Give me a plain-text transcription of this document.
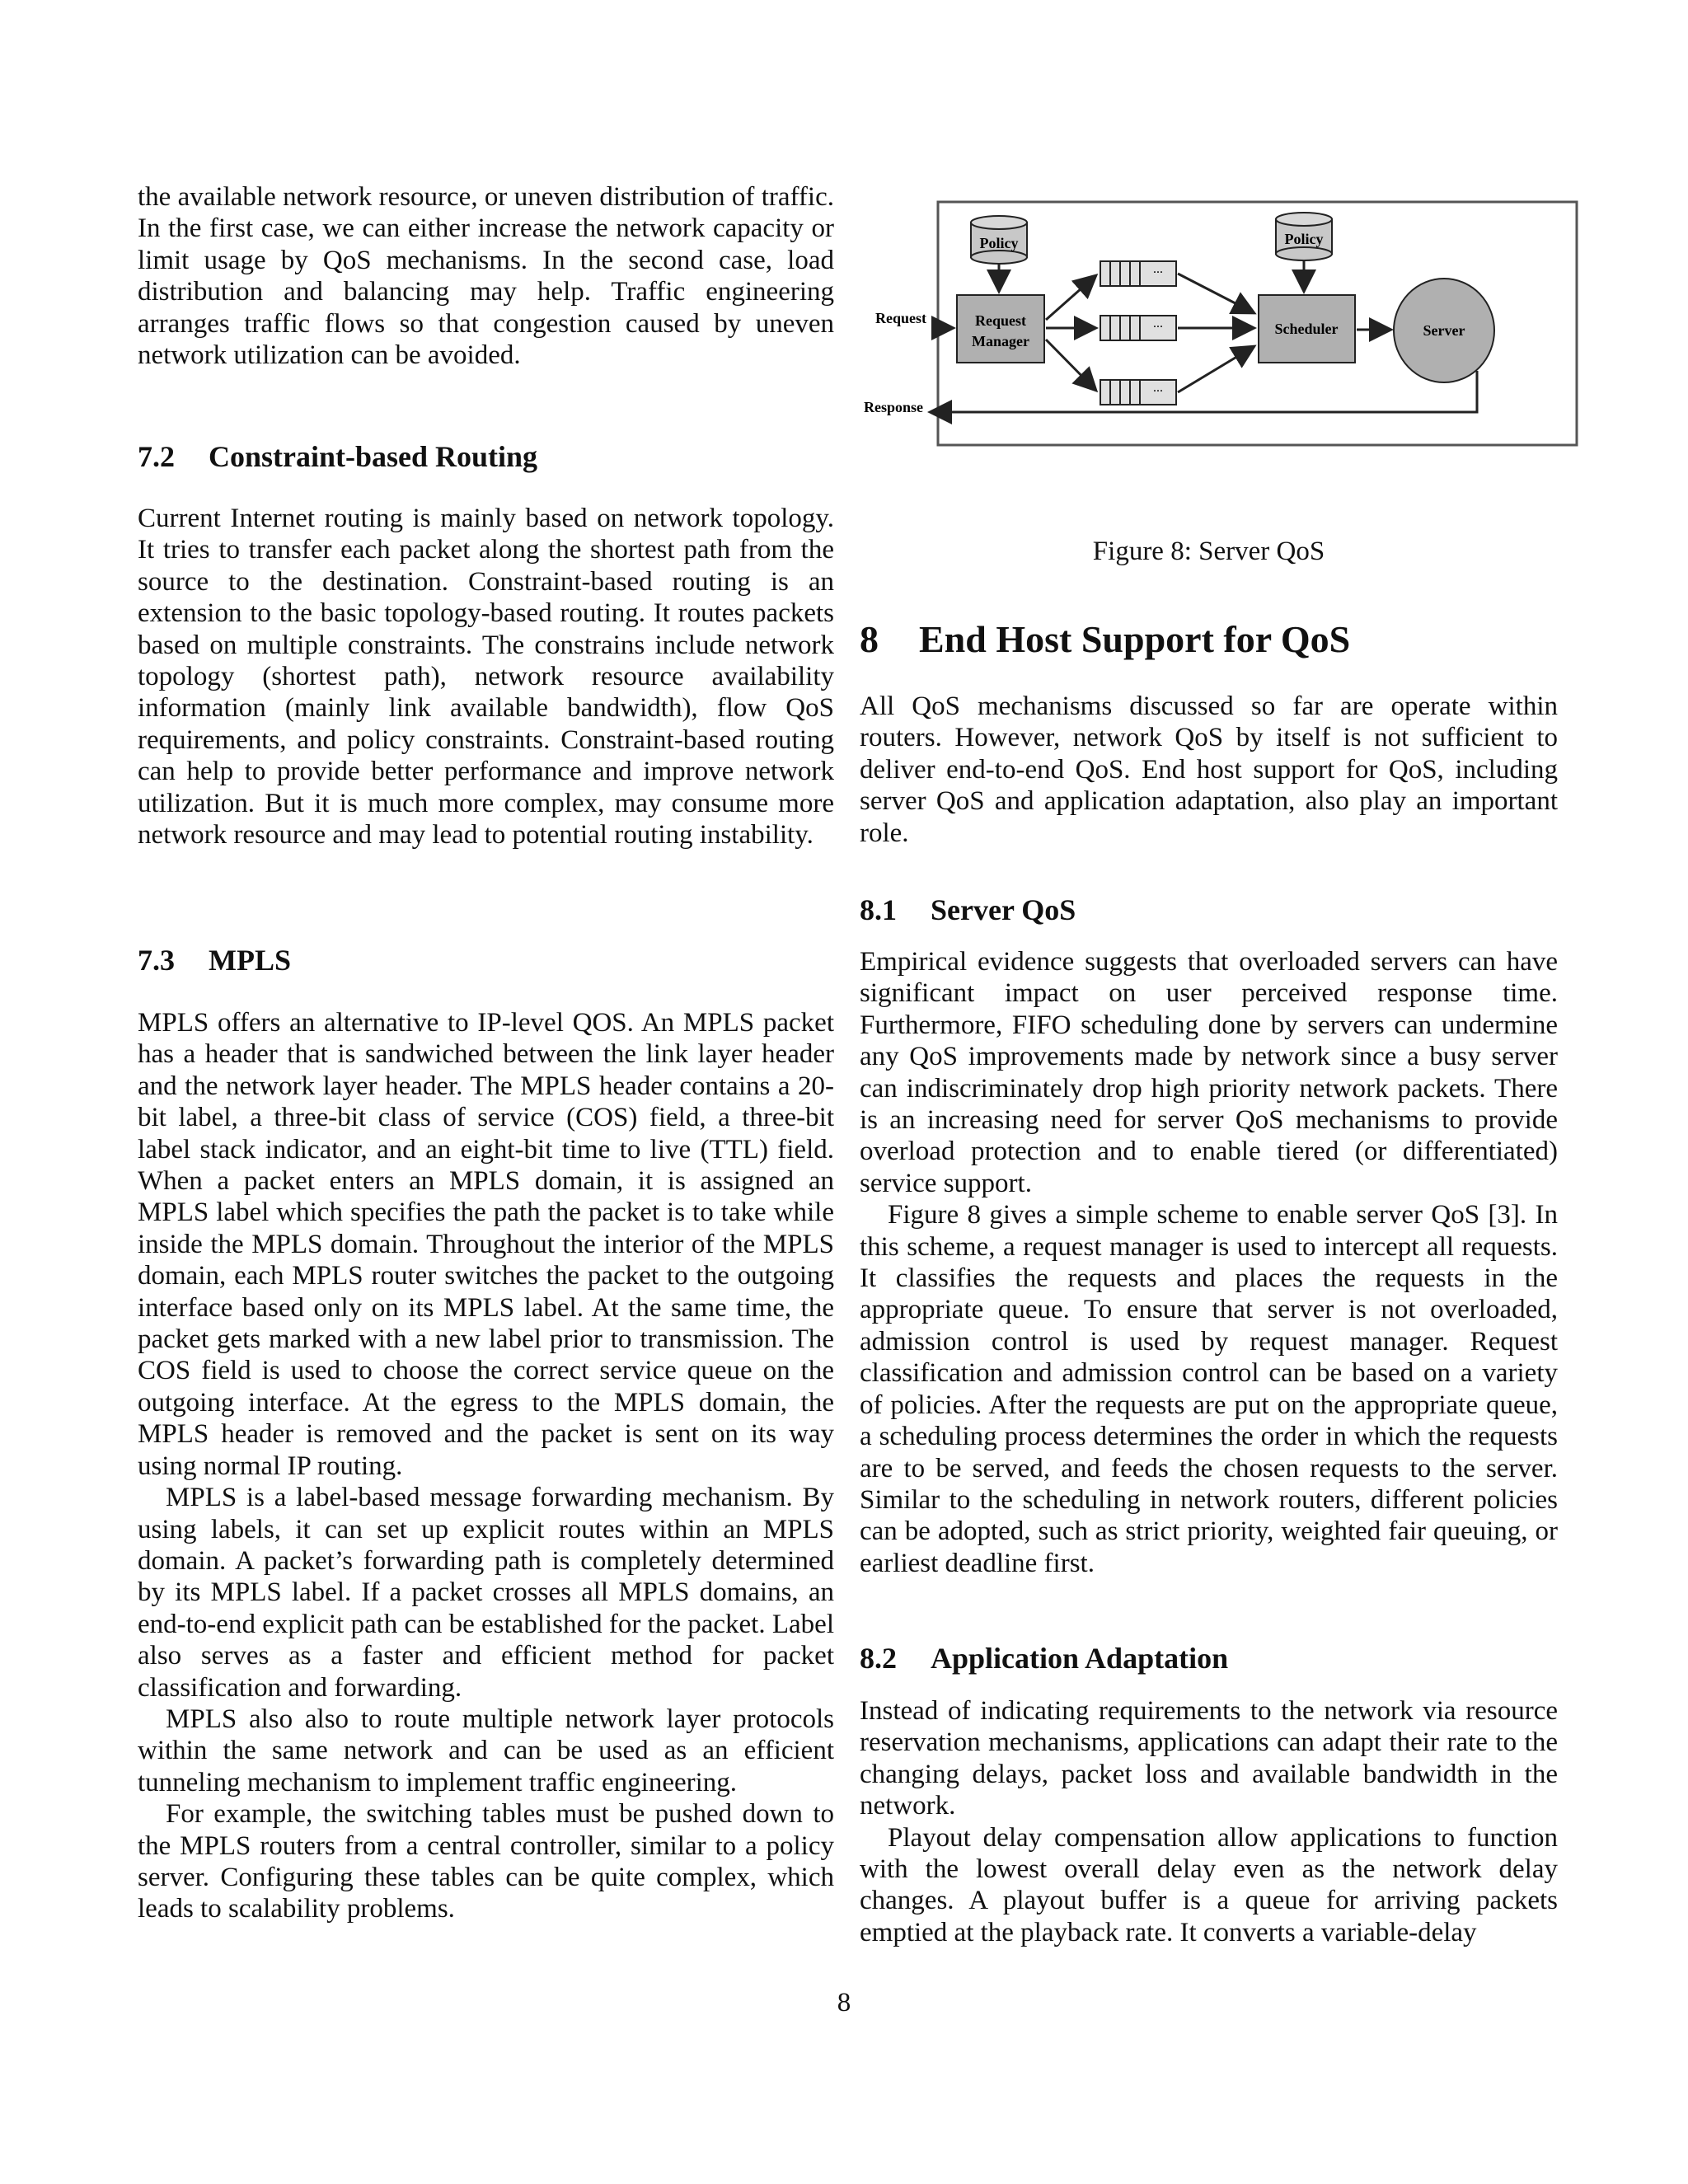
the available network resource, or uneven distribution of traffic. In the first case, we can either increase the network capacity or limit usage by QoS mechanisms. In the second case, load distribution and balancing may help. Traffic engineering arranges traffic flows so that congestion caused by uneven network utilization can be avoided.

7.2 Constraint-based Routing

Current Internet routing is mainly based on network topology. It tries to transfer each packet along the shortest path from the source to the destination. Constraint-based routing is an extension to the basic topology-based routing. It routes packets based on multiple constraints. The constrains include network topology (shortest path), network resource availability information (mainly link available bandwidth), flow QoS requirements, and policy constraints. Constraint-based routing can help to provide better performance and improve network utilization. But it is much more complex, may consume more network resource and may lead to potential routing instability.

7.3 MPLS

MPLS offers an alternative to IP-level QOS. An MPLS packet has a header that is sandwiched between the link layer header and the network layer header. The MPLS header contains a 20-bit label, a three-bit class of service (COS) field, a three-bit label stack indicator, and an eight-bit time to live (TTL) field. When a packet enters an MPLS domain, it is assigned an MPLS label which specifies the path the packet is to take while inside the MPLS domain. Throughout the interior of the MPLS domain, each MPLS router switches the packet to the outgoing interface based only on its MPLS label. At the same time, the packet gets marked with a new label prior to transmission. The COS field is used to choose the correct service queue on the outgoing interface. At the egress to the MPLS domain, the MPLS header is removed and the packet is sent on its way using normal IP routing.

MPLS is a label-based message forwarding mechanism. By using labels, it can set up explicit routes within an MPLS domain. A packet’s forwarding path is completely determined by its MPLS label. If a packet crosses all MPLS domains, an end-to-end explicit path can be established for the packet. Label also serves as a faster and efficient method for packet classification and forwarding.

MPLS also also to route multiple network layer protocols within the same network and can be used as an efficient tunneling mechanism to implement traffic engineering.

For example, the switching tables must be pushed down to the MPLS routers from a central controller, similar to a policy server. Configuring these tables can be quite complex, which leads to scalability problems.

Policy	Policy
Request
Manager
Request
...
...
...
Scheduler	Server
Response
Figure 8: Server QoS
8 End Host Support for QoS

All QoS mechanisms discussed so far are operate within routers. However, network QoS by itself is not sufficient to deliver end-to-end QoS. End host support for QoS, including server QoS and application adaptation, also play an important role.

8.1 Server QoS

Empirical evidence suggests that overloaded servers can have significant impact on user perceived response time. Furthermore, FIFO scheduling done by servers can undermine any QoS improvements made by network since a busy server can indiscriminately drop high priority network packets. There is an increasing need for server QoS mechanisms to provide overload protection and to enable tiered (or differentiated) service support.

Figure 8 gives a simple scheme to enable server QoS [3]. In this scheme, a request manager is used to intercept all requests. It classifies the requests and places the requests in the appropriate queue. To ensure that server is not overloaded, admission control is used by request manager. Request classification and admission control can be based on a variety of policies. After the requests are put on the appropriate queue, a scheduling process determines the order in which the requests are to be served, and feeds the chosen requests to the server. Similar to the scheduling in network routers, different policies can be adopted, such as strict priority, weighted fair queuing, or earliest deadline first.

8.2 Application Adaptation

Instead of indicating requirements to the network via resource reservation mechanisms, applications can adapt their rate to the changing delays, packet loss and available bandwidth in the network.

Playout delay compensation allow applications to function with the lowest overall delay even as the network delay changes. A playout buffer is a queue for arriving packets emptied at the playback rate. It converts a variable-delay

8
